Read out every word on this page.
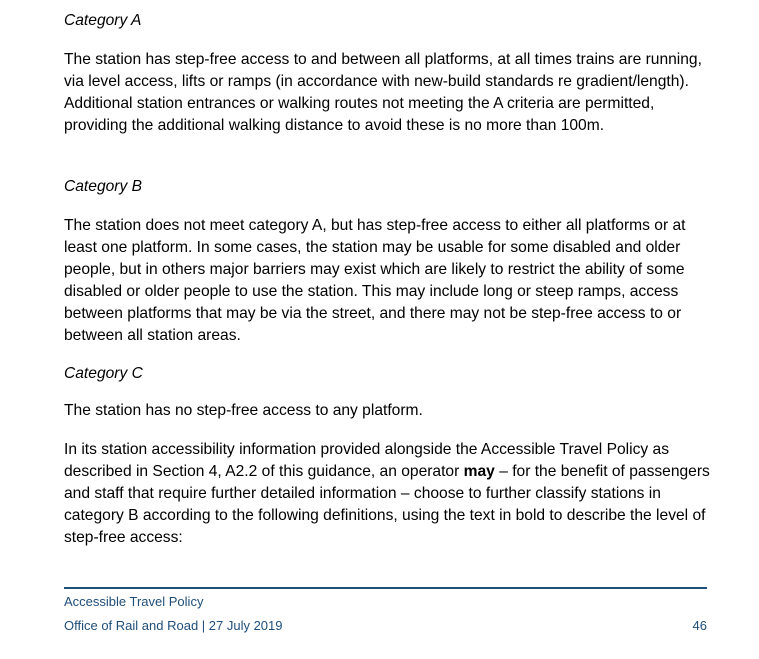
Category A
The station has step-free access to and between all platforms, at all times trains are running, via level access, lifts or ramps (in accordance with new-build standards re gradient/length). Additional station entrances or walking routes not meeting the A criteria are permitted, providing the additional walking distance to avoid these is no more than 100m.
Category B
The station does not meet category A, but has step-free access to either all platforms or at least one platform. In some cases, the station may be usable for some disabled and older people, but in others major barriers may exist which are likely to restrict the ability of some disabled or older people to use the station. This may include long or steep ramps, access between platforms that may be via the street, and there may not be step-free access to or between all station areas.
Category C
The station has no step-free access to any platform.
In its station accessibility information provided alongside the Accessible Travel Policy as described in Section 4, A2.2 of this guidance, an operator may – for the benefit of passengers and staff that require further detailed information – choose to further classify stations in category B according to the following definitions, using the text in bold to describe the level of step-free access:
Accessible Travel Policy
Office of Rail and Road | 27 July 2019	46
